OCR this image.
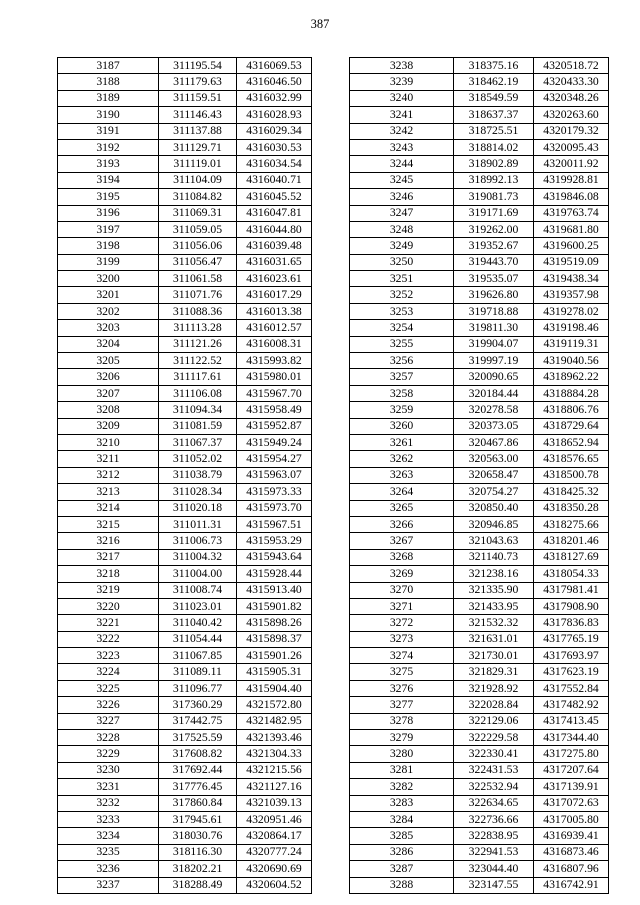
387
3187	311195.54	4316069.53
3188	311179.63	4316046.50
3189	311159.51	4316032.99
3190	311146.43	4316028.93
3191	311137.88	4316029.34
3192	311129.71	4316030.53
3193	311119.01	4316034.54
3194	311104.09	4316040.71
3195	311084.82	4316045.52
3196	311069.31	4316047.81
3197	311059.05	4316044.80
3198	311056.06	4316039.48
3199	311056.47	4316031.65
3200	311061.58	4316023.61
3201	311071.76	4316017.29
3202	311088.36	4316013.38
3203	311113.28	4316012.57
3204	311121.26	4316008.31
3205	311122.52	4315993.82
3206	311117.61	4315980.01
3207	311106.08	4315967.70
3208	311094.34	4315958.49
3209	311081.59	4315952.87
3210	311067.37	4315949.24
3211	311052.02	4315954.27
3212	311038.79	4315963.07
3213	311028.34	4315973.33
3214	311020.18	4315973.70
3215	311011.31	4315967.51
3216	311006.73	4315953.29
3217	311004.32	4315943.64
3218	311004.00	4315928.44
3219	311008.74	4315913.40
3220	311023.01	4315901.82
3221	311040.42	4315898.26
3222	311054.44	4315898.37
3223	311067.85	4315901.26
3224	311089.11	4315905.31
3225	311096.77	4315904.40
3226	317360.29	4321572.80
3227	317442.75	4321482.95
3228	317525.59	4321393.46
3229	317608.82	4321304.33
3230	317692.44	4321215.56
3231	317776.45	4321127.16
3232	317860.84	4321039.13
3233	317945.61	4320951.46
3234	318030.76	4320864.17
3235	318116.30	4320777.24
3236	318202.21	4320690.69
3237	318288.49	4320604.52
3238	318375.16	4320518.72
3239	318462.19	4320433.30
3240	318549.59	4320348.26
3241	318637.37	4320263.60
3242	318725.51	4320179.32
3243	318814.02	4320095.43
3244	318902.89	4320011.92
3245	318992.13	4319928.81
3246	319081.73	4319846.08
3247	319171.69	4319763.74
3248	319262.00	4319681.80
3249	319352.67	4319600.25
3250	319443.70	4319519.09
3251	319535.07	4319438.34
3252	319626.80	4319357.98
3253	319718.88	4319278.02
3254	319811.30	4319198.46
3255	319904.07	4319119.31
3256	319997.19	4319040.56
3257	320090.65	4318962.22
3258	320184.44	4318884.28
3259	320278.58	4318806.76
3260	320373.05	4318729.64
3261	320467.86	4318652.94
3262	320563.00	4318576.65
3263	320658.47	4318500.78
3264	320754.27	4318425.32
3265	320850.40	4318350.28
3266	320946.85	4318275.66
3267	321043.63	4318201.46
3268	321140.73	4318127.69
3269	321238.16	4318054.33
3270	321335.90	4317981.41
3271	321433.95	4317908.90
3272	321532.32	4317836.83
3273	321631.01	4317765.19
3274	321730.01	4317693.97
3275	321829.31	4317623.19
3276	321928.92	4317552.84
3277	322028.84	4317482.92
3278	322129.06	4317413.45
3279	322229.58	4317344.40
3280	322330.41	4317275.80
3281	322431.53	4317207.64
3282	322532.94	4317139.91
3283	322634.65	4317072.63
3284	322736.66	4317005.80
3285	322838.95	4316939.41
3286	322941.53	4316873.46
3287	323044.40	4316807.96
3288	323147.55	4316742.91
